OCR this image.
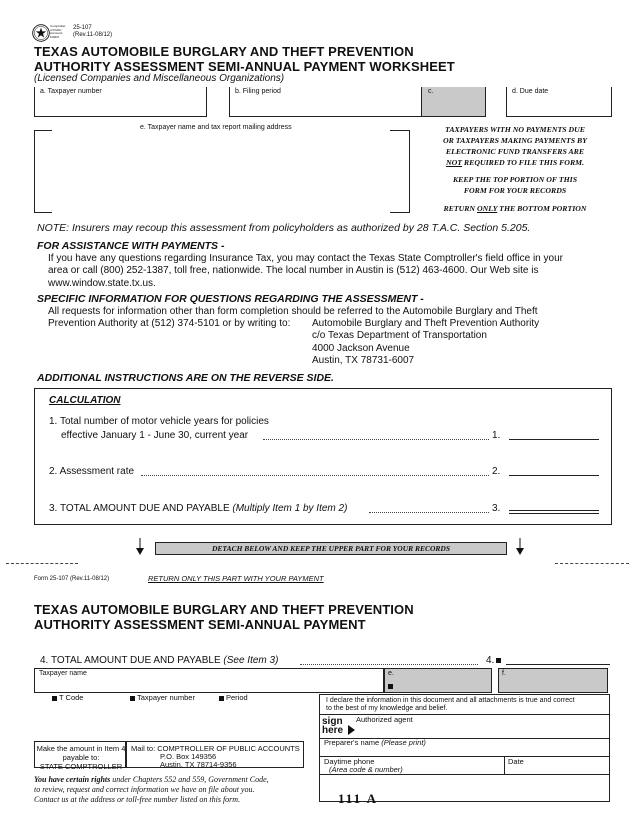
Comptroller of Public Accounts FORM
25-107
(Rev.11-08/12)
TEXAS AUTOMOBILE BURGLARY AND THEFT PREVENTION
AUTHORITY ASSESSMENT SEMI-ANNUAL PAYMENT WORKSHEET
(Licensed Companies and Miscellaneous Organizations)
a. Taxpayer number	b. Filing period	c.	d. Due date
e. Taxpayer name and tax report mailing address	TAXPAYERS WITH NO PAYMENTS DUE
OR TAXPAYERS MAKING PAYMENTS BY
ELECTRONIC FUND TRANSFERS ARE
NOT REQUIRED TO FILE THIS FORM.
KEEP THE TOP PORTION OF THIS
FORM FOR YOUR RECORDS
RETURN ONLY THE BOTTOM PORTION
NOTE: Insurers may recoup this assessment from policyholders as authorized by 28 T.A.C. Section 5.205.
FOR ASSISTANCE WITH PAYMENTS -
If you have any questions regarding Insurance Tax, you may contact the Texas State Comptroller's field office in your
area or call (800) 252-1387, toll free, nationwide. The local number in Austin is (512) 463-4600. Our Web site is
www.window.state.tx.us.
SPECIFIC INFORMATION FOR QUESTIONS REGARDING THE ASSESSMENT -
All requests for information other than form completion should be referred to the Automobile Burglary and Theft
Prevention Authority at (512) 374-5101 or by writing to:	Automobile Burglary and Theft Prevention Authority
c/o Texas Department of Transportation
4000 Jackson Avenue
Austin, TX 78731-6007
ADDITIONAL INSTRUCTIONS ARE ON THE REVERSE SIDE.
CALCULATION
1. Total number of motor vehicle years for policies
effective January 1 - June 30, current year	1.
2. Assessment rate	2.
3. TOTAL AMOUNT DUE AND PAYABLE (Multiply Item 1 by Item 2)	3.
DETACH BELOW AND KEEP THE UPPER PART FOR YOUR RECORDS
Form 25-107 (Rev.11-08/12)	RETURN ONLY THIS PART WITH YOUR PAYMENT
TEXAS AUTOMOBILE BURGLARY AND THEFT PREVENTION
AUTHORITY ASSESSMENT SEMI-ANNUAL PAYMENT
4. TOTAL AMOUNT DUE AND PAYABLE (See Item 3)	4.
Taxpayer name	e.	f.
T Code	Taxpayer number	Period	I declare the information in this document and all attachments is true and correct
to the best of my knowledge and belief.
sign
here
Authorized agent
Preparer's name (Please print)
Daytime phone
(Area code & number)
Date
Make the amount in Item 4
payable to:
STATE COMPTROLLER
Mail to: COMPTROLLER OF PUBLIC ACCOUNTS
P.O. Box 149356
Austin, TX 78714-9356
You have certain rights under Chapters 552 and 559, Government Code,
to review, request and correct information we have on file about you.
Contact us at the address or toll-free number listed on this form.	111 A
